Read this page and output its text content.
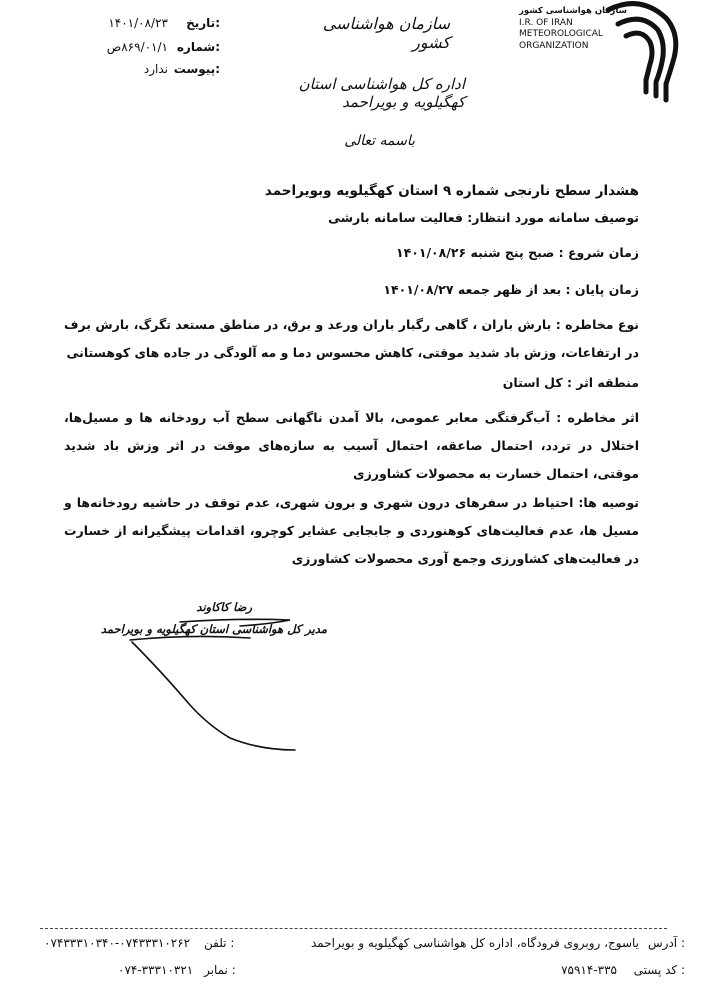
تاریخ:
۱۴۰۱/۰۸/۲۳
شماره:
۸۶۹/۰۱/۱ص
پیوست:
ندارد
سازمان هواشناسی کشور
I.R. OF IRAN
METEOROLOGICAL
ORGANIZATION
سازمان هواشناسی کشور
اداره کل هواشناسی استان کهگیلویه و بویراحمد
باسمه تعالی
هشدار سطح نارنجی شماره ۹ استان کهگیلویه وبویراحمد
توصیف سامانه مورد انتظار: فعالیت سامانه بارشی
زمان شروع : صبح پنج شنبه ۱۴۰۱/۰۸/۲۶
زمان پایان : بعد از ظهر جمعه ۱۴۰۱/۰۸/۲۷
نوع مخاطره : بارش باران ، گاهی رگبار باران ورعد و برق، در مناطق مستعد تگرگ، بارش برف در ارتفاعات، وزش باد شدید موقتی، کاهش محسوس دما و مه آلودگی در جاده های کوهستانی
منطقه اثر : کل استان
اثر مخاطره : آب‌گرفتگی معابر عمومی، بالا آمدن ناگهانی سطح آب رودخانه ها و مسیل‌ها، اختلال در تردد، احتمال صاعقه، احتمال آسیب به سازه‌های موقت در اثر وزش باد شدید موقتی، احتمال خسارت به محصولات کشاورزی
توصیه ها: احتیاط در سفرهای درون شهری و برون شهری، عدم توقف در حاشیه رودخانه‌ها و مسیل ها، عدم فعالیت‌های کوهنوردی و جابجایی عشایر کوچرو، اقدامات پیشگیرانه از خسارت در فعالیت‌های کشاورزی وجمع آوری محصولات کشاورزی
رضا کاکاوند
مدیر کل هواشناسی استان کهگیلویه و بویراحمد
آدرس :
یاسوج، روبروی فرودگاه، اداره کل هواشناسی کهگیلویه و بویراحمد
تلفن :
۰۷۴۳۳۳۱۰۳۴۰-۰۷۴۳۳۳۱۰۲۶۲
کد پستی :
۷۵۹۱۴-۳۳۵
نمابر :
۰۷۴-۳۳۳۱۰۳۲۱
